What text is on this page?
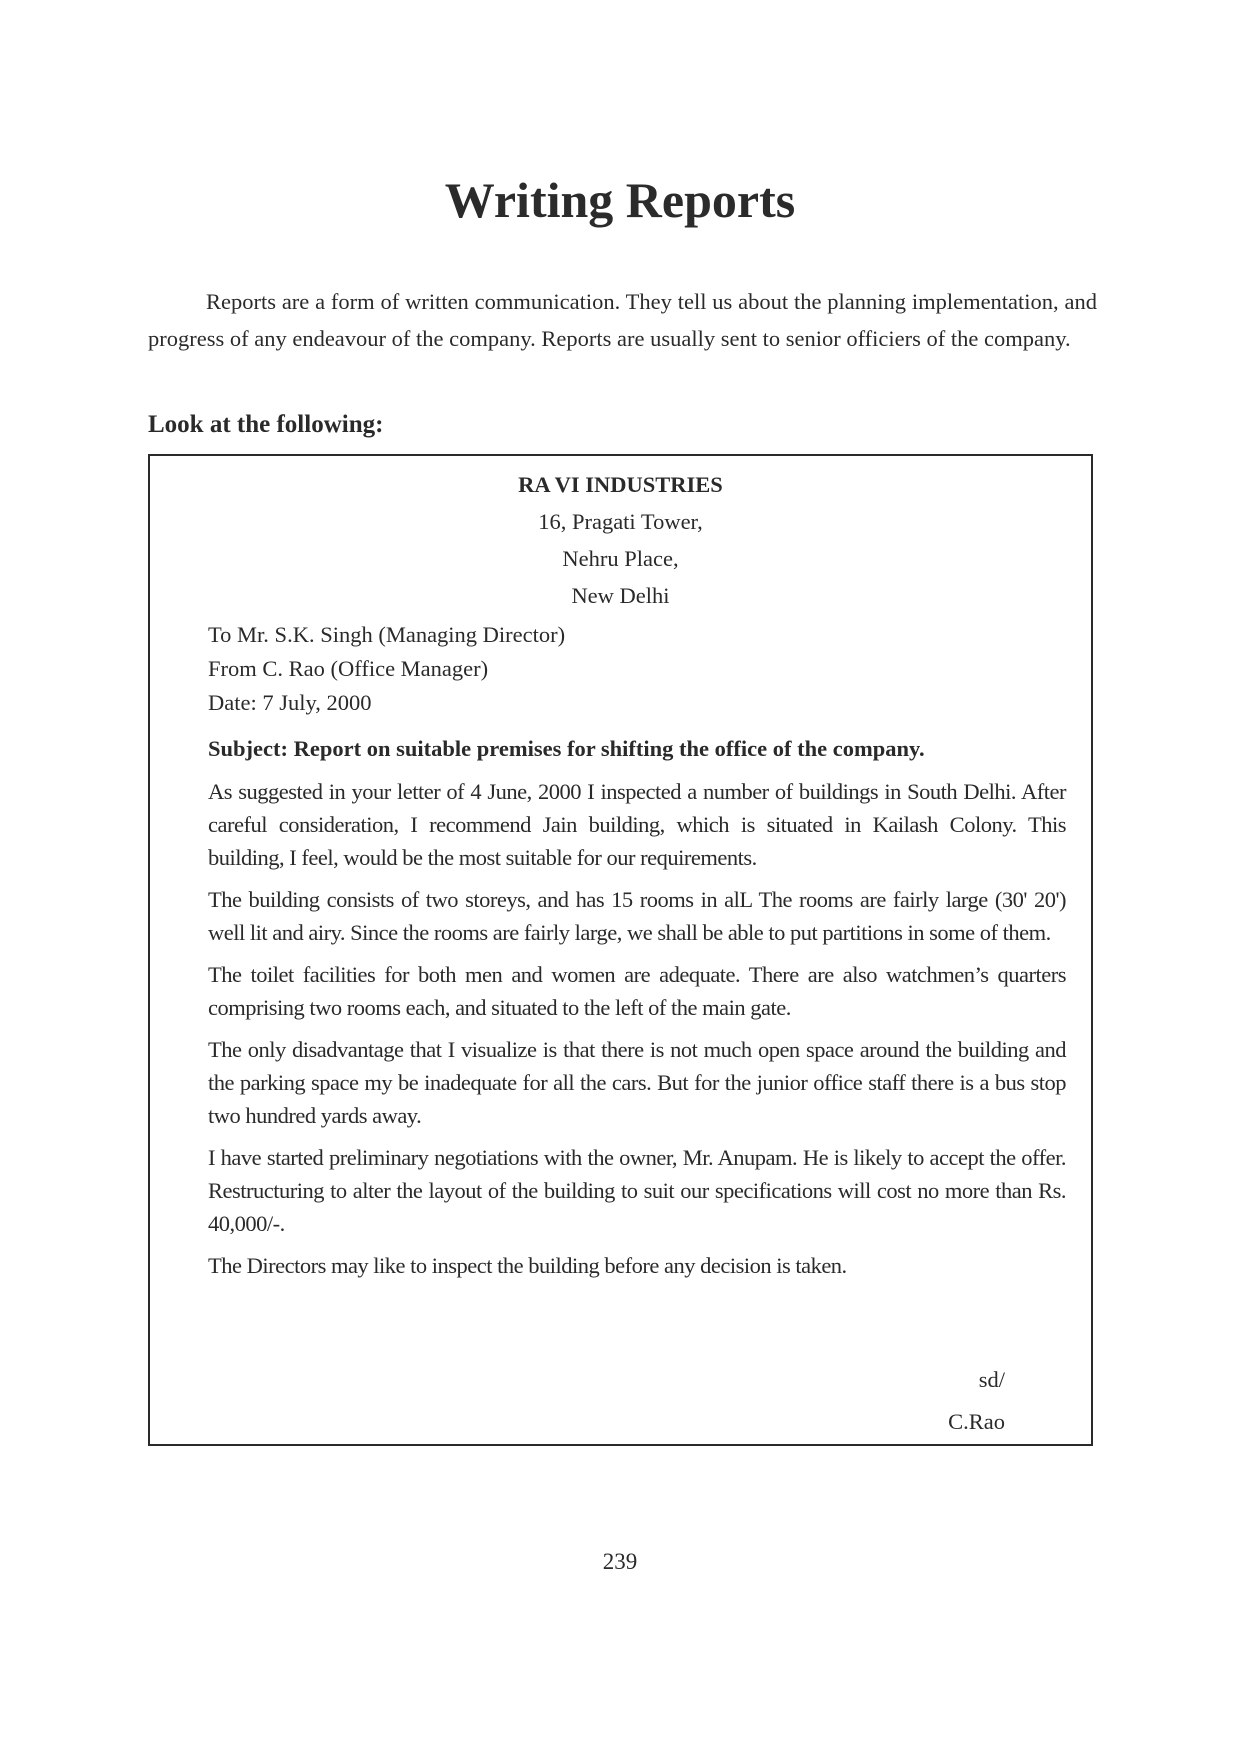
Writing Reports

Reports are a form of written communication. They tell us about the planning implementation, and progress of any endeavour of the company. Reports are usually sent to senior officiers of the company.

Look at the following:
RA VI INDUSTRIES
16, Pragati Tower,
Nehru Place,
New Delhi
To Mr. S.K. Singh (Managing Director)
From C. Rao (Office Manager)
Date: 7 July, 2000
Subject: Report on suitable premises for shifting the office of the company.

As suggested in your letter of 4 June, 2000 I inspected a number of buildings in South Delhi. After careful consideration, I recommend Jain building, which is situated in Kailash Colony. This building, I feel, would be the most suitable for our requirements.

The building consists of two storeys, and has 15 rooms in alL The rooms are fairly large (30' 20') well lit and airy. Since the rooms are fairly large, we shall be able to put partitions in some of them.

The toilet facilities for both men and women are adequate. There are also watchmen’s quarters comprising two rooms each, and situated to the left of the main gate.

The only disadvantage that I visualize is that there is not much open space around the building and the parking space my be inadequate for all the cars. But for the junior office staff there is a bus stop two hundred yards away.

I have started preliminary negotiations with the owner, Mr. Anupam. He is likely to accept the offer. Restructuring to alter the layout of the building to suit our specifications will cost no more than Rs. 40,000/-.

The Directors may like to inspect the building before any decision is taken.

sd/
C.Rao
239
